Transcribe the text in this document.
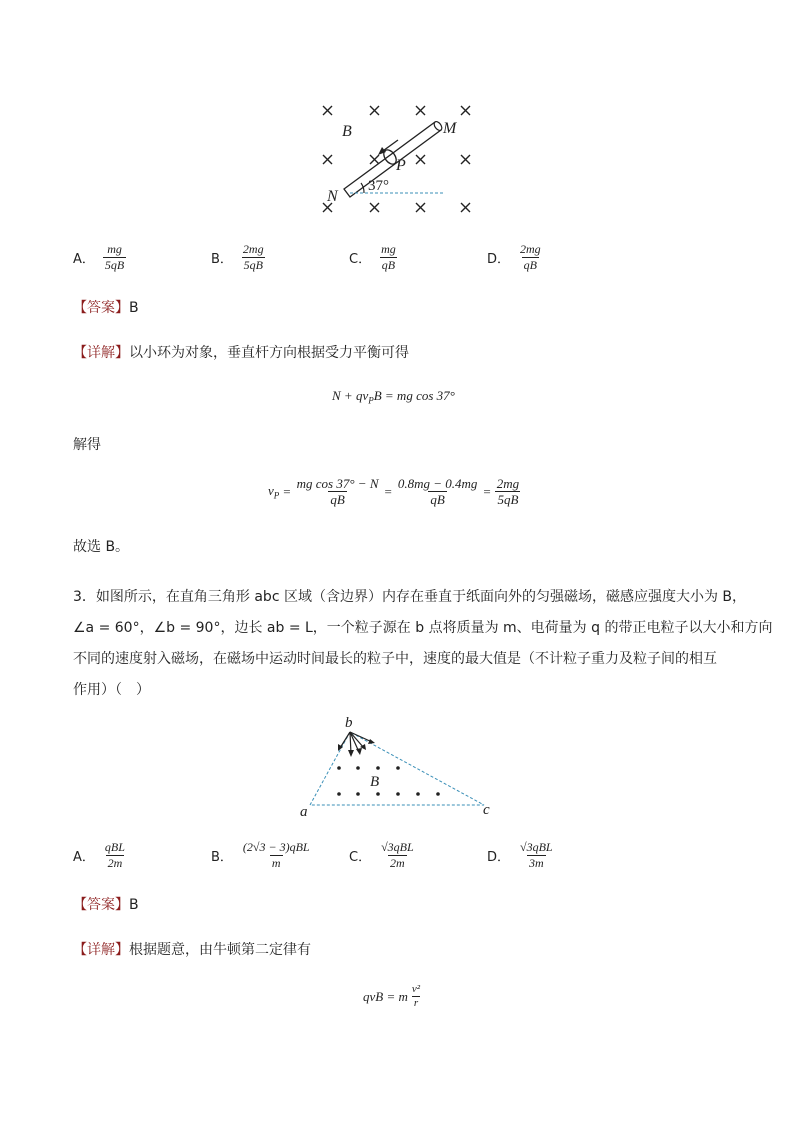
B	M
N
P
37°
A． $\frac{mg}{5qB}$	B． $\frac{2mg}{5qB}$	C． $\frac{mg}{qB}$	D． $\frac{2mg}{qB}$
【答案】B
【详解】以小环为对象，垂直杆方向根据受力平衡可得
$N + qv_PB$ = mg cos 37°
解得
$v_P = \frac{\text{mg cos 37° − N}}{qB} = \frac{0.8mg - 0.4mg}{qB} = \frac{2mg}{5qB}$
故选 B。
3．如图所示，在直角三角形 abc 区域（含边界）内存在垂直于纸面向外的匀强磁场，磁感应强度大小为 B，
∠a = 60°，∠b = 90°，边长 ab = L，一个粒子源在 b 点将质量为 m、电荷量为 q 的带正电粒子以大小和方向
不同的速度射入磁场，在磁场中运动时间最长的粒子中，速度的最大值是（不计粒子重力及粒子间的相互
作用）（　）
b
a	c
B
A． $\frac{\text{qBL}}{2m}$	B． $\frac{\text{(2√3 − 3)qBL}}{m}$	C． $\frac{\text{√3qBL}}{2m}$	D． $\frac{\text{√3qBL}}{3m}$
【答案】B
【详解】根据题意，由牛顿第二定律有
qvB = m $\frac{\text{v²}}{r}$
